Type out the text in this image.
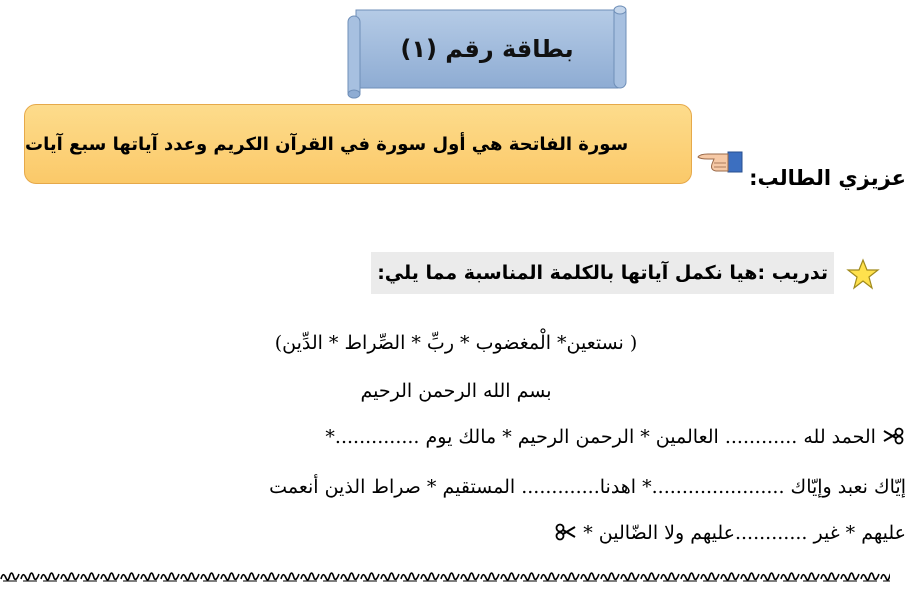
بطاقة رقم (١)
سورة الفاتحة هي أول سورة في القرآن الكريم وعدد آياتها سبع آيات
عزيزي الطالب:
تدريب :هيا نكمل آياتها بالكلمة المناسبة مما يلي:
( نستعين* الْمغضوب * ربِّ * الصِّراط * الدِّين)
بسم الله الرحمن الرحيم
الحمد لله ............ العالمين * الرحمن الرحيم * مالك يوم ..............*
إيّاك نعبد وإيّاك ......................* اهدنا............. المستقيم * صراط الذين أنعمت
عليهم * غير ............عليهم ولا الضّالين *
